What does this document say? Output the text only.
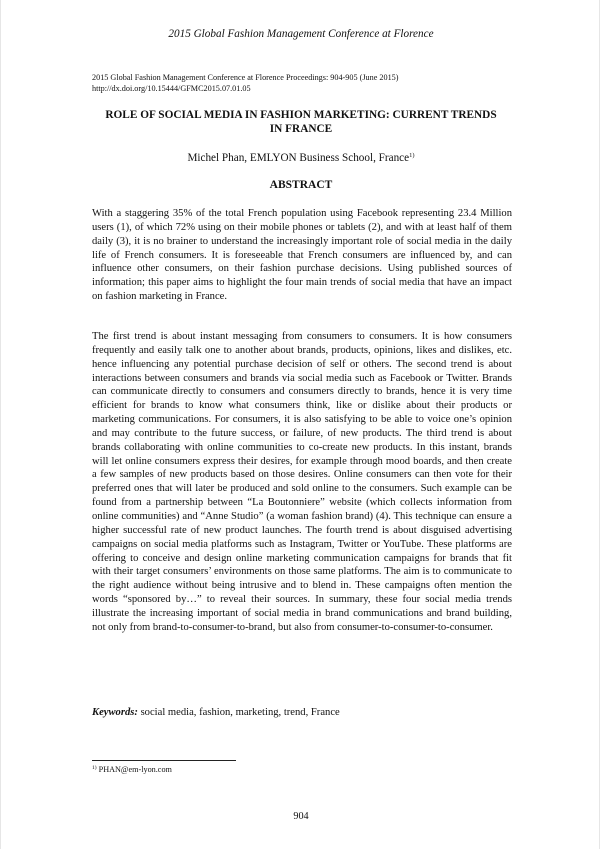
2015 Global Fashion Management Conference at Florence
2015 Global Fashion Management Conference at Florence Proceedings: 904-905 (June 2015)
http://dx.doi.org/10.15444/GFMC2015.07.01.05
ROLE OF SOCIAL MEDIA IN FASHION MARKETING: CURRENT TRENDS IN FRANCE
Michel Phan, EMLYON Business School, France$^{1)}$
ABSTRACT

With a staggering 35% of the total French population using Facebook representing 23.4 Million users (1), of which 72% using on their mobile phones or tablets (2), and with at least half of them daily (3), it is no brainer to understand the increasingly important role of social media in the daily life of French consumers. It is foreseeable that French consumers are influenced by, and can influence other consumers, on their fashion purchase decisions. Using published sources of information; this paper aims to highlight the four main trends of social media that have an impact on fashion marketing in France.

The first trend is about instant messaging from consumers to consumers. It is how consumers frequently and easily talk one to another about brands, products, opinions, likes and dislikes, etc. hence influencing any potential purchase decision of self or others. The second trend is about interactions between consumers and brands via social media such as Facebook or Twitter. Brands can communicate directly to consumers and consumers directly to brands, hence it is very time efficient for brands to know what consumers think, like or dislike about their products or marketing communications. For consumers, it is also satisfying to be able to voice one’s opinion and may contribute to the future success, or failure, of new products. The third trend is about brands collaborating with online communities to co-create new products. In this instant, brands will let online consumers express their desires, for example through mood boards, and then create a few samples of new products based on those desires. Online consumers can then vote for their preferred ones that will later be produced and sold online to the consumers. Such example can be found from a partnership between “La Boutonniere” website (which collects information from online communities) and “Anne Studio” (a woman fashion brand) (4). This technique can ensure a higher successful rate of new product launches. The fourth trend is about disguised advertising campaigns on social media platforms such as Instagram, Twitter or YouTube. These platforms are offering to conceive and design online marketing communication campaigns for brands that fit with their target consumers’ environments on those same platforms. The aim is to communicate to the right audience without being intrusive and to blend in. These campaigns often mention the words “sponsored by…” to reveal their sources. In summary, these four social media trends illustrate the increasing important of social media in brand communications and brand building, not only from brand-to-consumer-to-brand, but also from consumer-to-consumer-to-consumer.

Keywords: social media, fashion, marketing, trend, France

$^{1)}$ PHAN@em-lyon.com
904
